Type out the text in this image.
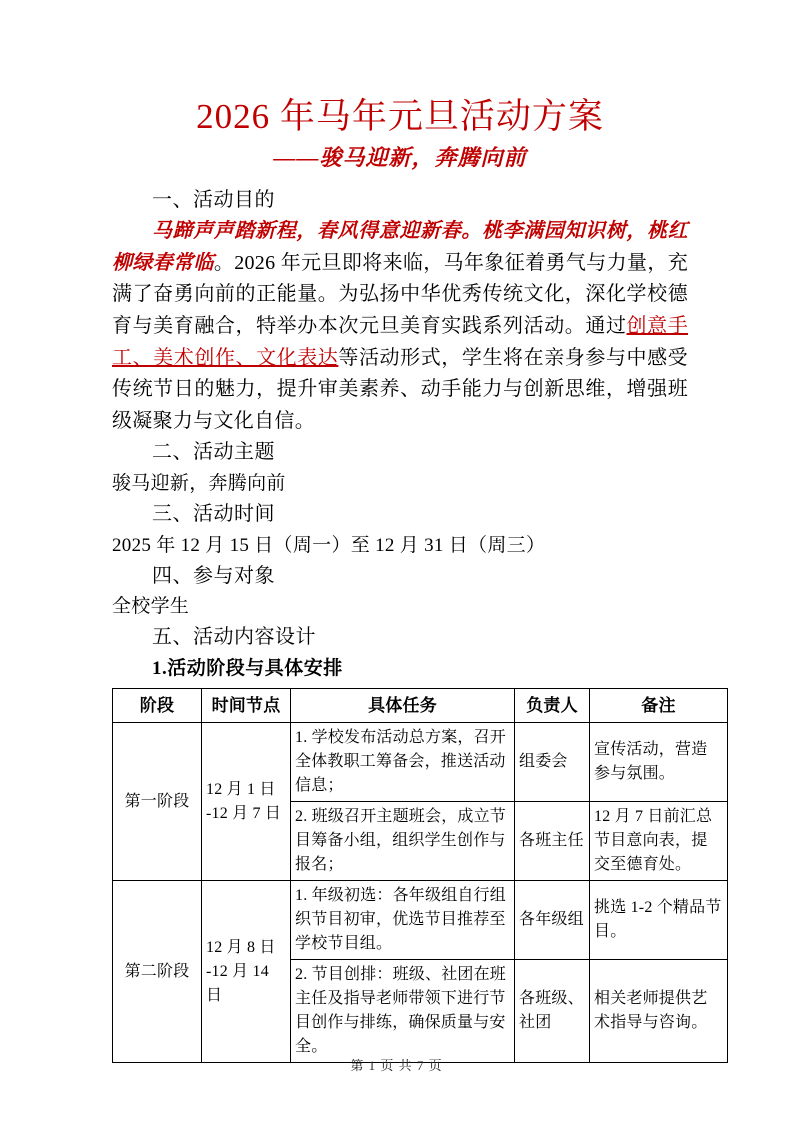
2026 年马年元旦活动方案
——骏马迎新，奔腾向前
一、活动目的

马蹄声声踏新程，春风得意迎新春。桃李满园知识树，桃红柳绿春常临。2026 年元旦即将来临，马年象征着勇气与力量，充满了奋勇向前的正能量。为弘扬中华优秀传统文化，深化学校德育与美育融合，特举办本次元旦美育实践系列活动。通过创意手工、美术创作、文化表达等活动形式，学生将在亲身参与中感受传统节日的魅力，提升审美素养、动手能力与创新思维，增强班级凝聚力与文化自信。

二、活动主题
骏马迎新，奔腾向前
三、活动时间
2025 年 12 月 15 日（周一）至 12 月 31 日（周三）
四、参与对象
全校学生
五、活动内容设计
1.活动阶段与具体安排
阶段	时间节点	具体任务	负责人	备注
第一阶段	12 月 1 日 -12 月 7 日	1. 学校发布活动总方案，召开全体教职工筹备会，推送活动信息；	组委会	宣传活动，营造参与氛围。
		2. 班级召开主题班会，成立节目筹备小组，组织学生创作与报名；	各班主任	12 月 7 日前汇总节目意向表，提交至德育处。
第二阶段	12 月 8 日 -12 月 14 日	1. 年级初选：各年级组自行组织节目初审，优选节目推荐至学校节目组。	各年级组	挑选 1-2 个精品节目。
		2. 节目创排：班级、社团在班主任及指导老师带领下进行节目创作与排练，确保质量与安全。	各班级、社团	相关老师提供艺术指导与咨询。
第 1 页 共 7 页
